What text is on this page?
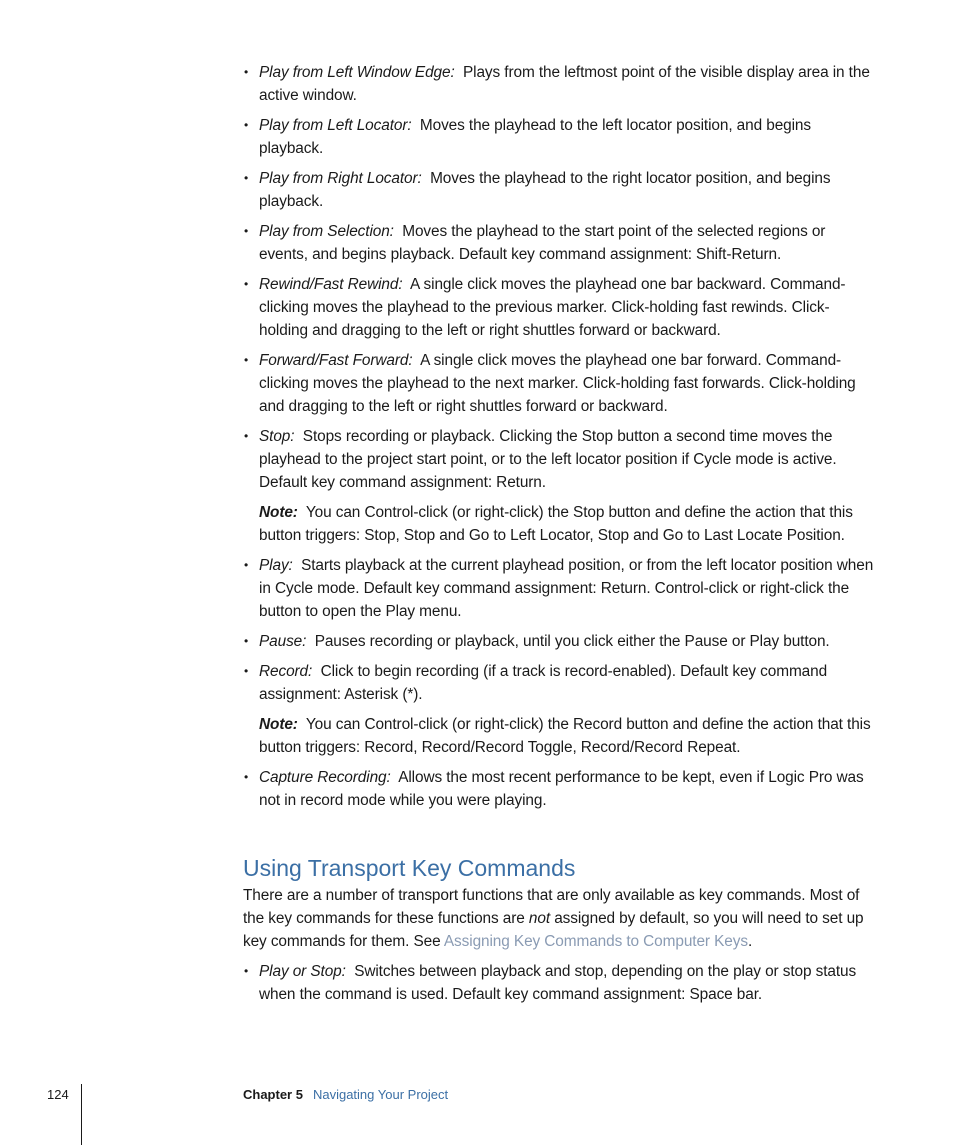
• Play from Left Window Edge: Plays from the leftmost point of the visible display area in the active window.
• Play from Left Locator: Moves the playhead to the left locator position, and begins playback.
• Play from Right Locator: Moves the playhead to the right locator position, and begins playback.
• Play from Selection: Moves the playhead to the start point of the selected regions or events, and begins playback. Default key command assignment: Shift-Return.
• Rewind/Fast Rewind: A single click moves the playhead one bar backward. Command-clicking moves the playhead to the previous marker. Click-holding fast rewinds. Click-holding and dragging to the left or right shuttles forward or backward.
• Forward/Fast Forward: A single click moves the playhead one bar forward. Command-clicking moves the playhead to the next marker. Click-holding fast forwards. Click-holding and dragging to the left or right shuttles forward or backward.
• Stop: Stops recording or playback. Clicking the Stop button a second time moves the playhead to the project start point, or to the left locator position if Cycle mode is active. Default key command assignment: Return.

Note: You can Control-click (or right-click) the Stop button and define the action that this button triggers: Stop, Stop and Go to Left Locator, Stop and Go to Last Locate Position.

• Play: Starts playback at the current playhead position, or from the left locator position when in Cycle mode. Default key command assignment: Return. Control-click or right-click the button to open the Play menu.
• Pause: Pauses recording or playback, until you click either the Pause or Play button.
• Record: Click to begin recording (if a track is record-enabled). Default key command assignment: Asterisk (*).

Note: You can Control-click (or right-click) the Record button and define the action that this button triggers: Record, Record/Record Toggle, Record/Record Repeat.

• Capture Recording: Allows the most recent performance to be kept, even if Logic Pro was not in record mode while you were playing.
Using Transport Key Commands

There are a number of transport functions that are only available as key commands. Most of the key commands for these functions are not assigned by default, so you will need to set up key commands for them. See Assigning Key Commands to Computer Keys.

• Play or Stop: Switches between playback and stop, depending on the play or stop status when the command is used. Default key command assignment: Space bar.
124	Chapter 5 Navigating Your Project
